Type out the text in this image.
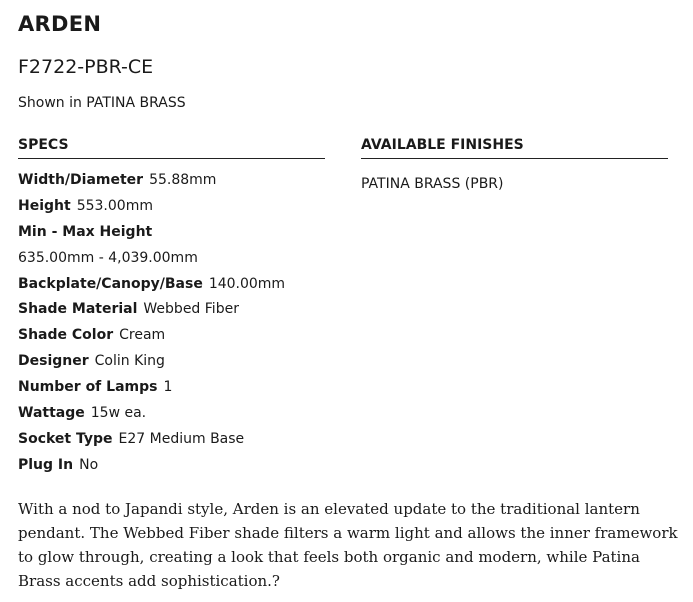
ARDEN
F2722-PBR-CE
Shown in PATINA BRASS
SPECS
Width/Diameter 55.88mm
Height 553.00mm
Min - Max Height
635.00mm - 4,039.00mm
Backplate/Canopy/Base 140.00mm
Shade Material Webbed Fiber
Shade Color Cream
Designer Colin King
Number of Lamps 1
Wattage 15w ea.
Socket Type E27 Medium Base
Plug In No
AVAILABLE FINISHES
PATINA BRASS (PBR)

With a nod to Japandi style, Arden is an elevated update to the traditional lantern pendant. The Webbed Fiber shade filters a warm light and allows the inner framework to glow through, creating a look that feels both organic and modern, while Patina Brass accents add sophistication.?
